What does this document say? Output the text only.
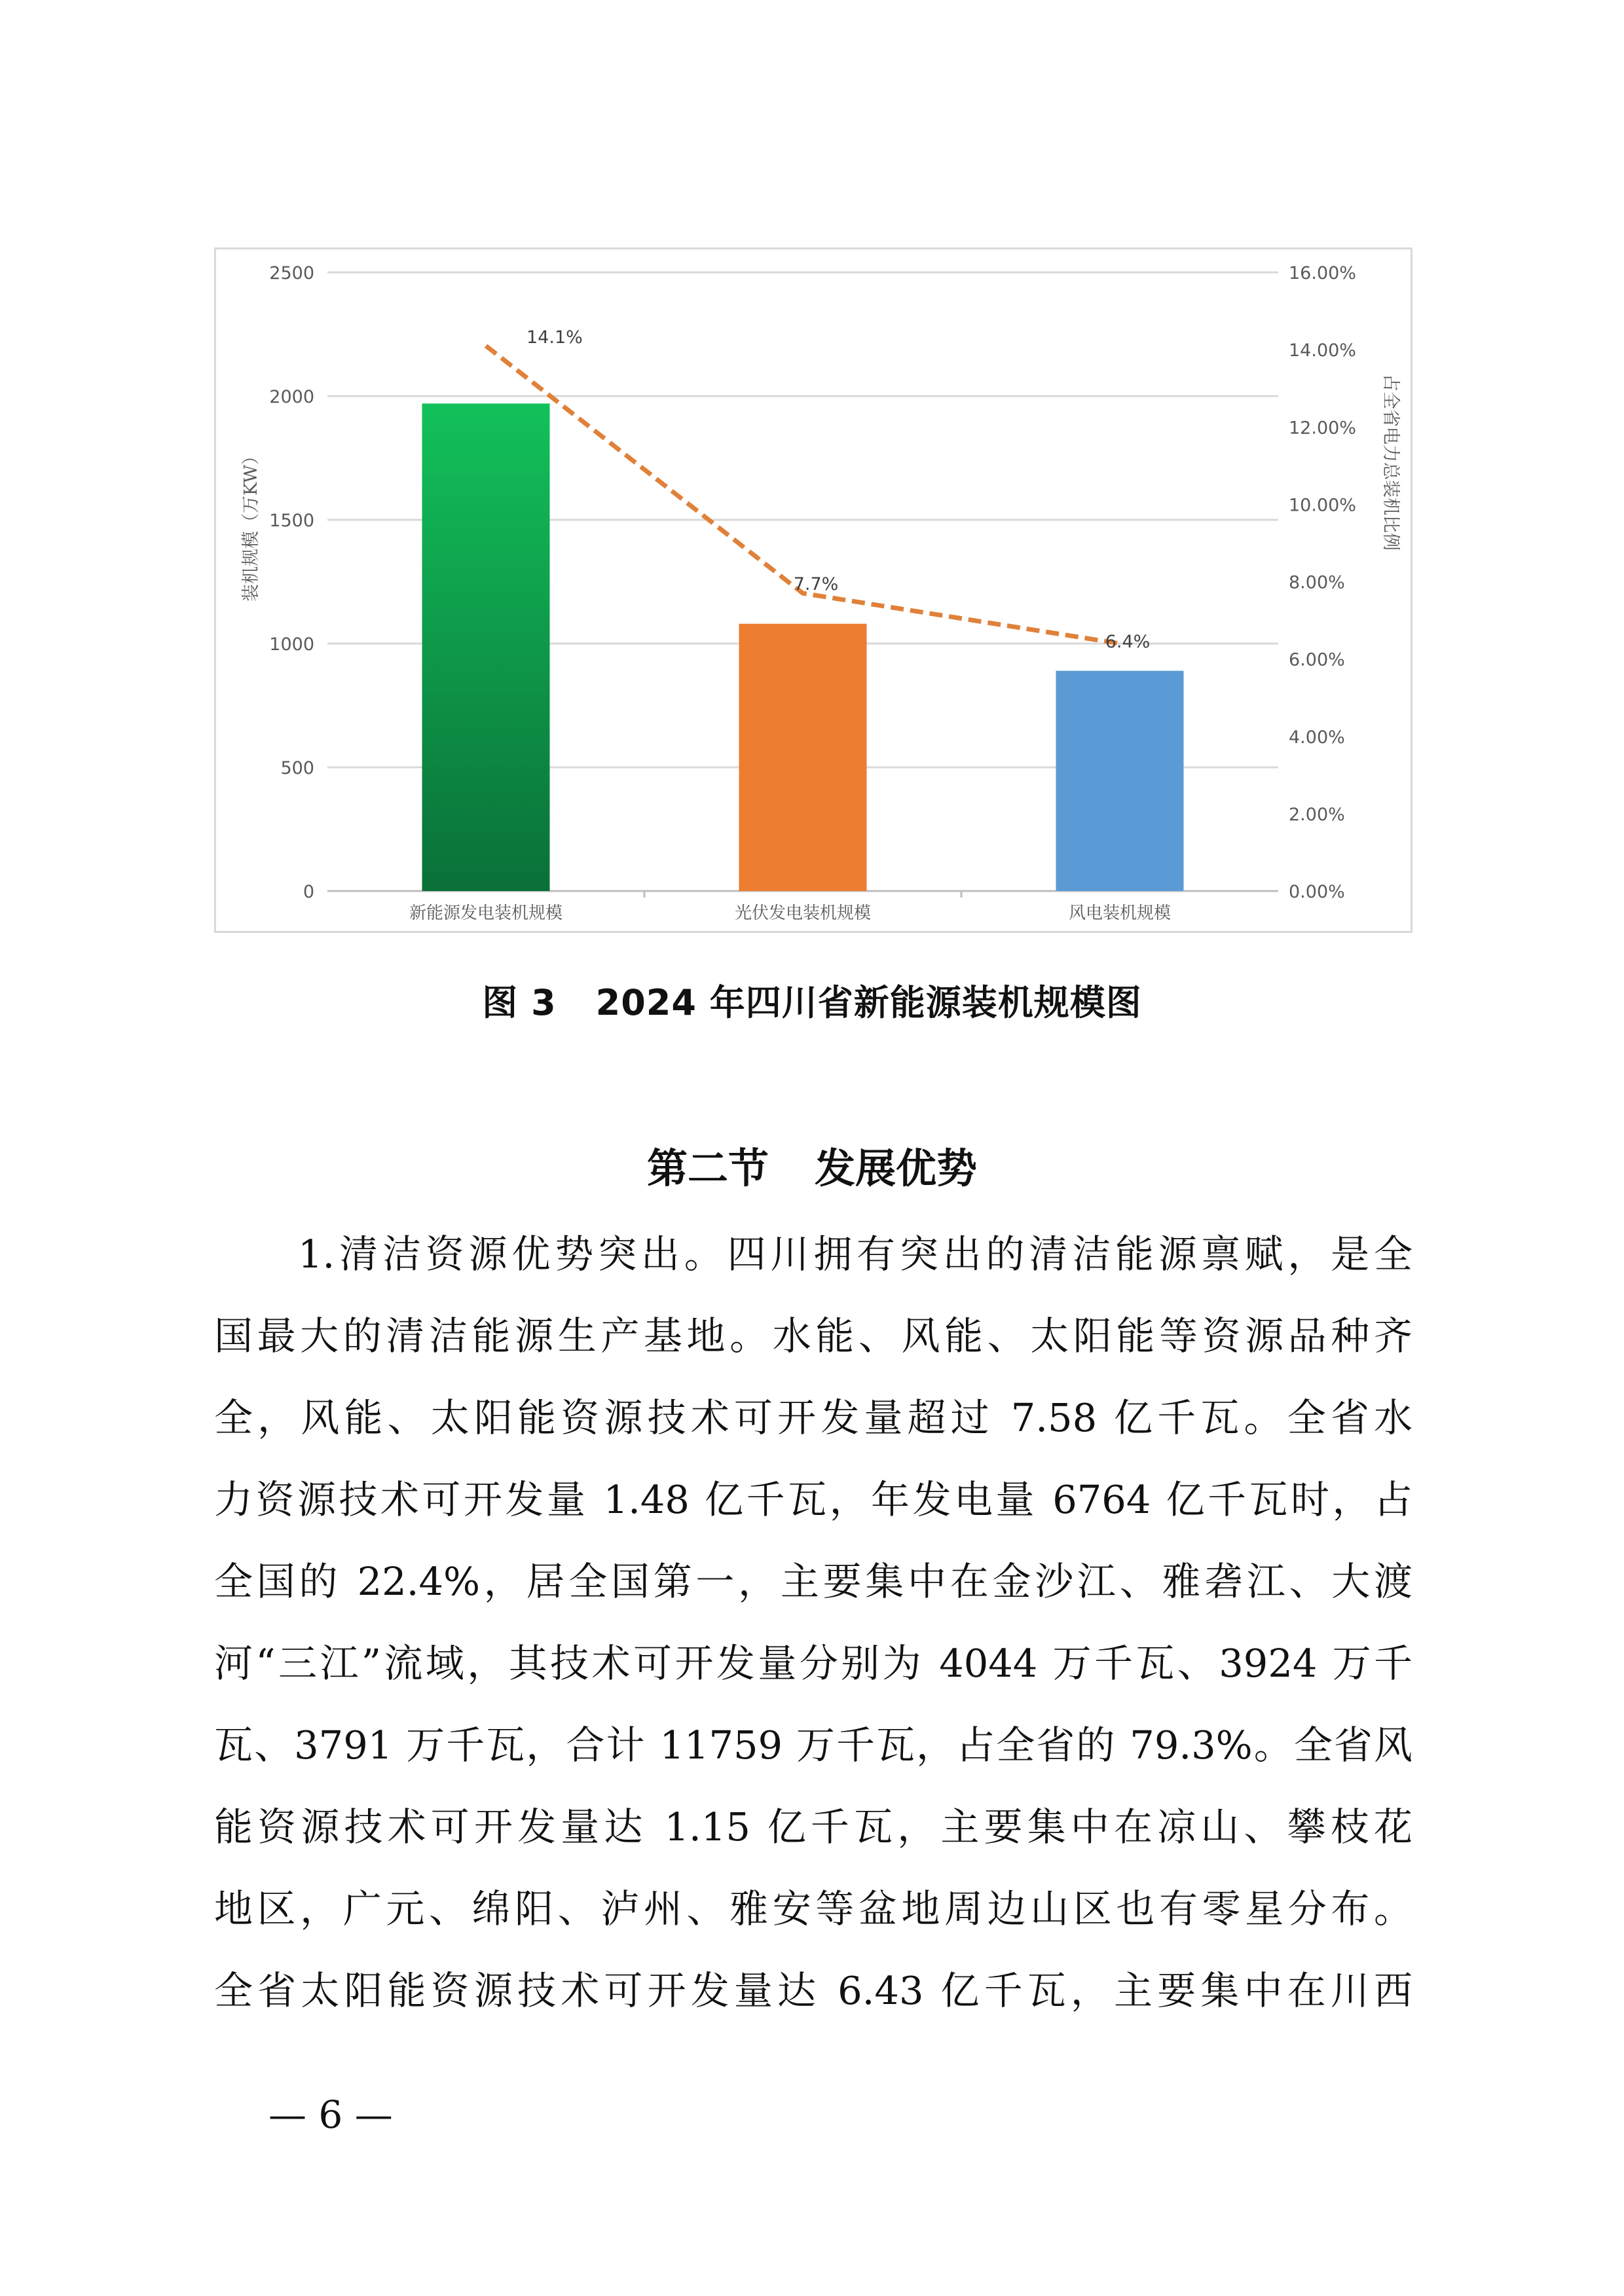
0
500
1000
1500
2000
2500
0.00%
2.00%
4.00%
6.00%
8.00%
10.00%
12.00%
14.00%
16.00%
新能源发电装机规模	光伏发电装机规模	风电装机规模
14.1%
7.7%
6.4%
装机规模（万KW）	占全省电力总装机比例
图 3 2024 年四川省新能源装机规模图
第二节 发展优势
1.清洁资源优势突出。四川拥有突出的清洁能源禀赋，是全
国最大的清洁能源生产基地。水能、风能、太阳能等资源品种齐
全，风能、太阳能资源技术可开发量超过 7.58 亿千瓦。全省水
力资源技术可开发量 1.48 亿千瓦，年发电量 6764 亿千瓦时，占
全国的 22.4%，居全国第一，主要集中在金沙江、雅砻江、大渡
河“三江”流域，其技术可开发量分别为 4044 万千瓦、3924 万千
瓦、3791 万千瓦，合计 11759 万千瓦，占全省的 79.3%。全省风
能资源技术可开发量达 1.15 亿千瓦，主要集中在凉山、攀枝花
地区，广元、绵阳、泸州、雅安等盆地周边山区也有零星分布。
全省太阳能资源技术可开发量达 6.43 亿千瓦，主要集中在川西
— 6 —
